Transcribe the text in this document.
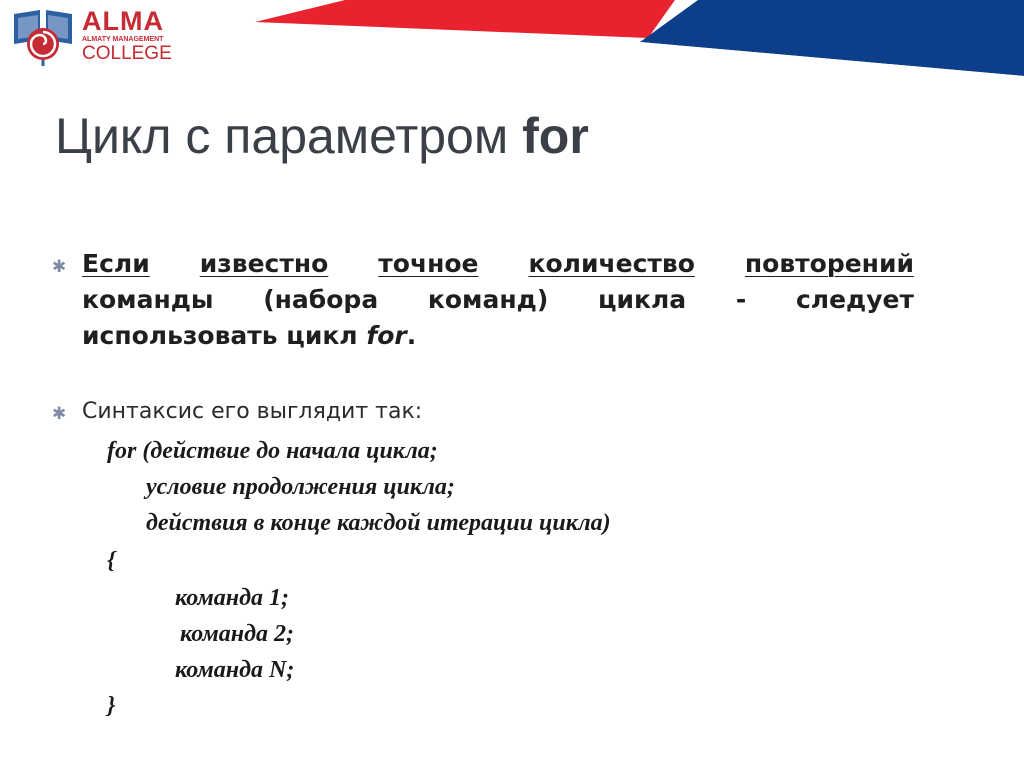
ALMA
ALMATY MANAGEMENT
COLLEGE
Цикл с параметром for
✱ Если известно точное количество повторений
команды (набора команд) цикла - следует
использовать цикл for.
✱ Синтаксис его выглядит так:
for (действие до начала цикла;
условие продолжения цикла;
действия в конце каждой итерации цикла)
{
команда 1;
команда 2;
команда N;
}
